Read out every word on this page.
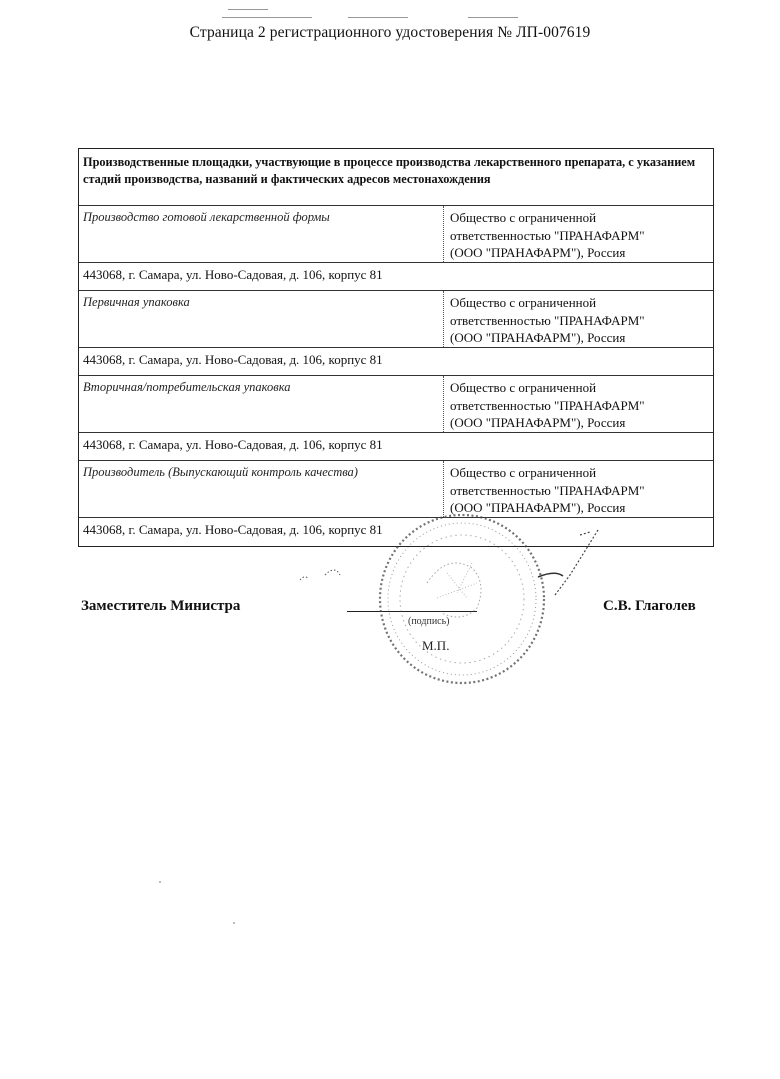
Страница 2 регистрационного удостоверения № ЛП-007619
Производственные площадки, участвующие в процессе производства лекарственного препарата, с указанием стадий производства, названий и фактических адресов местонахождения
Производство готовой лекарственной формы	Общество с ограниченной
ответственностью "ПРАНАФАРМ"
(ООО "ПРАНАФАРМ"), Россия
443068, г. Самара, ул. Ново-Садовая, д. 106, корпус 81
Первичная упаковка	Общество с ограниченной
ответственностью "ПРАНАФАРМ"
(ООО "ПРАНАФАРМ"), Россия
443068, г. Самара, ул. Ново-Садовая, д. 106, корпус 81
Вторичная/потребительская упаковка	Общество с ограниченной
ответственностью "ПРАНАФАРМ"
(ООО "ПРАНАФАРМ"), Россия
443068, г. Самара, ул. Ново-Садовая, д. 106, корпус 81
Производитель (Выпускающий контроль качества)	Общество с ограниченной
ответственностью "ПРАНАФАРМ"
(ООО "ПРАНАФАРМ"), Россия
443068, г. Самара, ул. Ново-Садовая, д. 106, корпус 81
Заместитель Министра
(подпись)
М.П.
С.В. Глаголев
